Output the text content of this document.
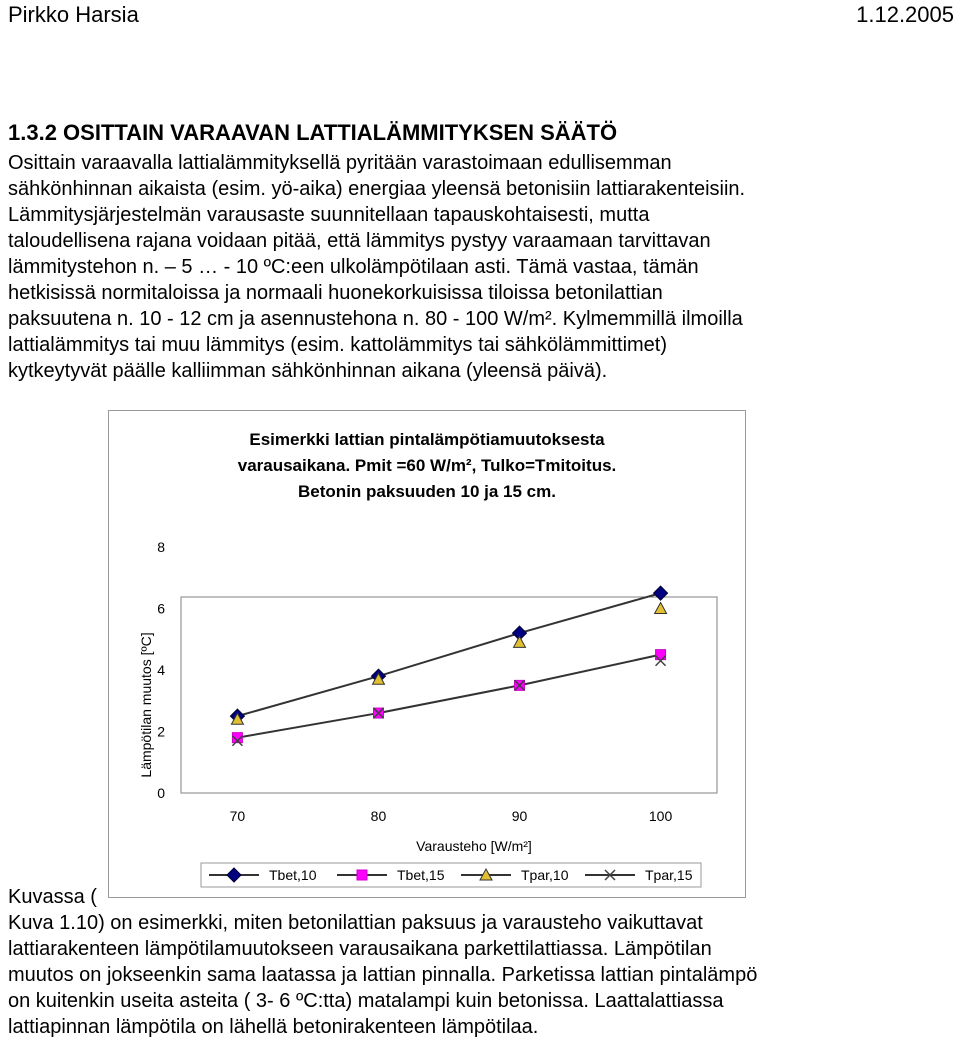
Pirkko Harsia	1.12.2005
1.3.2 OSITTAIN VARAAVAN LATTIALÄMMITYKSEN SÄÄTÖ
Osittain varaavalla lattialämmityksellä pyritään varastoimaan edullisemman
sähkönhinnan aikaista (esim. yö-aika) energiaa yleensä betonisiin lattiarakenteisiin.
Lämmitysjärjestelmän varausaste suunnitellaan tapauskohtaisesti, mutta
taloudellisena rajana voidaan pitää, että lämmitys pystyy varaamaan tarvittavan
lämmitystehon n. – 5 … - 10 ºC:een ulkolämpötilaan asti. Tämä vastaa, tämän
hetkisissä normitaloissa ja normaali huonekorkuisissa tiloissa betonilattian
paksuutena n. 10 - 12 cm ja asennustehona n. 80 - 100 W/m². Kylmemmillä ilmoilla
lattialämmitys tai muu lämmitys (esim. kattolämmitys tai sähkölämmittimet)
kytkeytyvät päälle kalliimman sähkönhinnan aikana (yleensä päivä).
Esimerkki lattian pintalämpötiamuutoksesta
varausaikana. Pmit =60 W/m², Tulko=Tmitoitus.
Betonin paksuuden 10 ja 15 cm.
0
2
4
6
8
70	80	90	100
Varausteho [W/m²]
Lämpötilan muutos [ºC]
Tbet,10	Tbet,15	Tpar,10	Tpar,15
Kuvassa (
Kuva 1.10) on esimerkki, miten betonilattian paksuus ja varausteho vaikuttavat
lattiarakenteen lämpötilamuutokseen varausaikana parkettilattiassa. Lämpötilan
muutos on jokseenkin sama laatassa ja lattian pinnalla. Parketissa lattian pintalämpö
on kuitenkin useita asteita ( 3- 6 ºC:tta) matalampi kuin betonissa. Laattalattiassa
lattiapinnan lämpötila on lähellä betonirakenteen lämpötilaa.
